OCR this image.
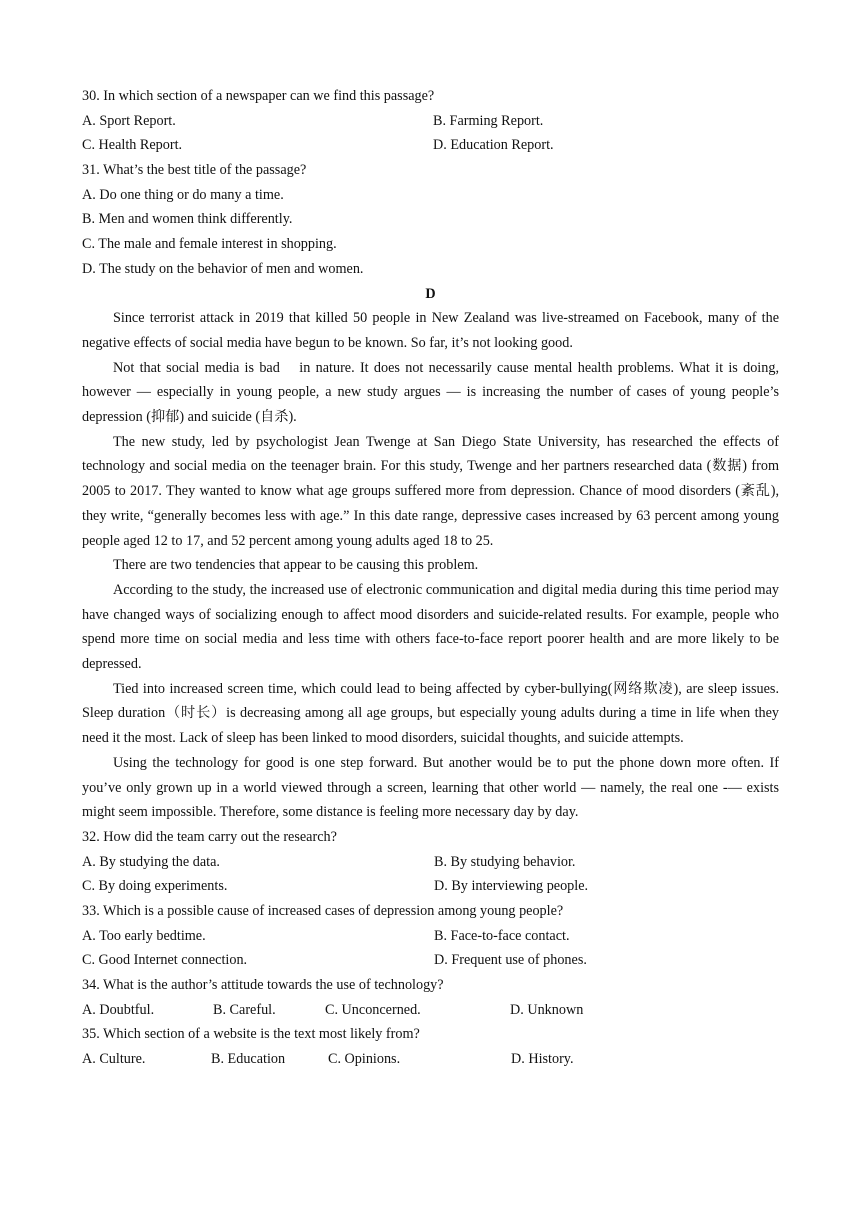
30. In which section of a newspaper can we find this passage?
A. Sport Report.	B. Farming Report.
C. Health Report.	D. Education Report.
31. What’s the best title of the passage?
A. Do one thing or do many a time.
B. Men and women think differently.
C. The male and female interest in shopping.
D. The study on the behavior of men and women.
D

Since terrorist attack in 2019 that killed 50 people in New Zealand was live-streamed on Facebook, many of the negative effects of social media have begun to be known. So far, it’s not looking good.

Not that social media is bad  in nature. It does not necessarily cause mental health problems. What it is doing, however — especially in young people, a new study argues — is increasing the number of cases of young people’s depression (抑郁) and suicide (自杀).

The new study, led by psychologist Jean Twenge at San Diego State University, has researched the effects of technology and social media on the teenager brain. For this study, Twenge and her partners researched data (数据) from 2005 to 2017. They wanted to know what age groups suffered more from depression. Chance of mood disorders (紊乱), they write, “generally becomes less with age.” In this date range, depressive cases increased by 63 percent among young people aged 12 to 17, and 52 percent among young adults aged 18 to 25.

There are two tendencies that appear to be causing this problem.

According to the study, the increased use of electronic communication and digital media during this time period may have changed ways of socializing enough to affect mood disorders and suicide-related results. For example, people who spend more time on social media and less time with others face-to-face report poorer health and are more likely to be depressed.

Tied into increased screen time, which could lead to being affected by cyber-bullying(网络欺凌), are sleep issues. Sleep duration（时长）is decreasing among all age groups, but especially young adults during a time in life when they need it the most. Lack of sleep has been linked to mood disorders, suicidal thoughts, and suicide attempts.

Using the technology for good is one step forward. But another would be to put the phone down more often. If you’ve only grown up in a world viewed through a screen, learning that other world — namely, the real one -— exists might seem impossible. Therefore, some distance is feeling more necessary day by day.

32. How did the team carry out the research?
A. By studying the data.	B. By studying behavior.
C. By doing experiments.	D. By interviewing people.
33. Which is a possible cause of increased cases of depression among young people?
A. Too early bedtime.	B. Face-to-face contact.
C. Good Internet connection.	D. Frequent use of phones.
34. What is the author’s attitude towards the use of technology?
A. Doubtful.	B. Careful.	C. Unconcerned.	D. Unknown
35. Which section of a website is the text most likely from?
A. Culture.	B. Education	C. Opinions.	D. History.
